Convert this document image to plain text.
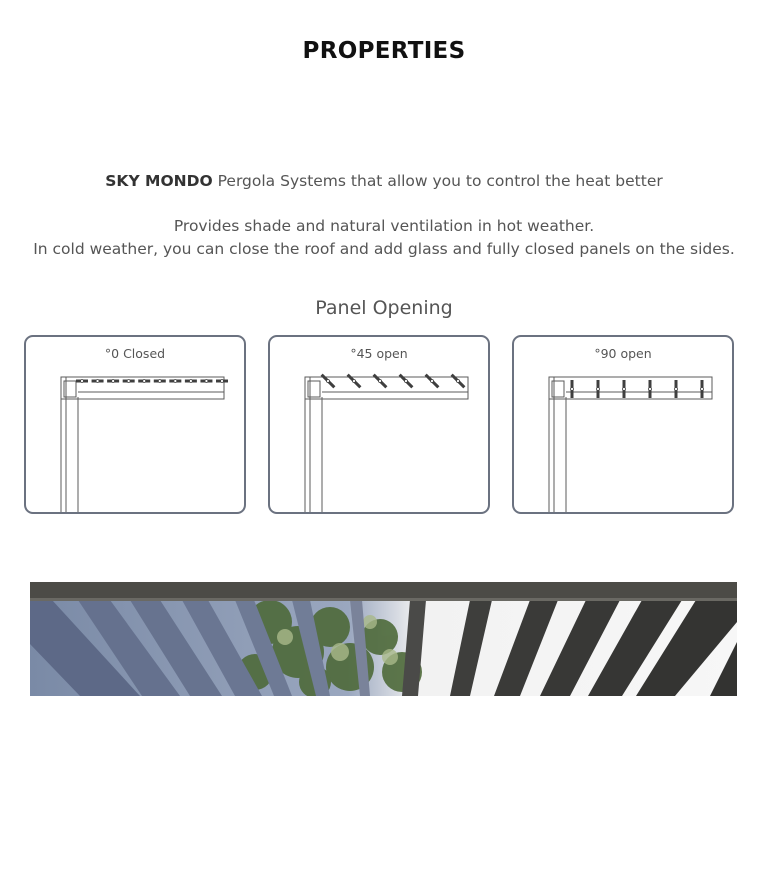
PROPERTIES
SKY MONDO Pergola Systems that allow you to control the heat better
Provides shade and natural ventilation in hot weather.
In cold weather, you can close the roof and add glass and fully closed panels on the sides.
Panel Opening
°0 Closed	°45 open	°90 open
